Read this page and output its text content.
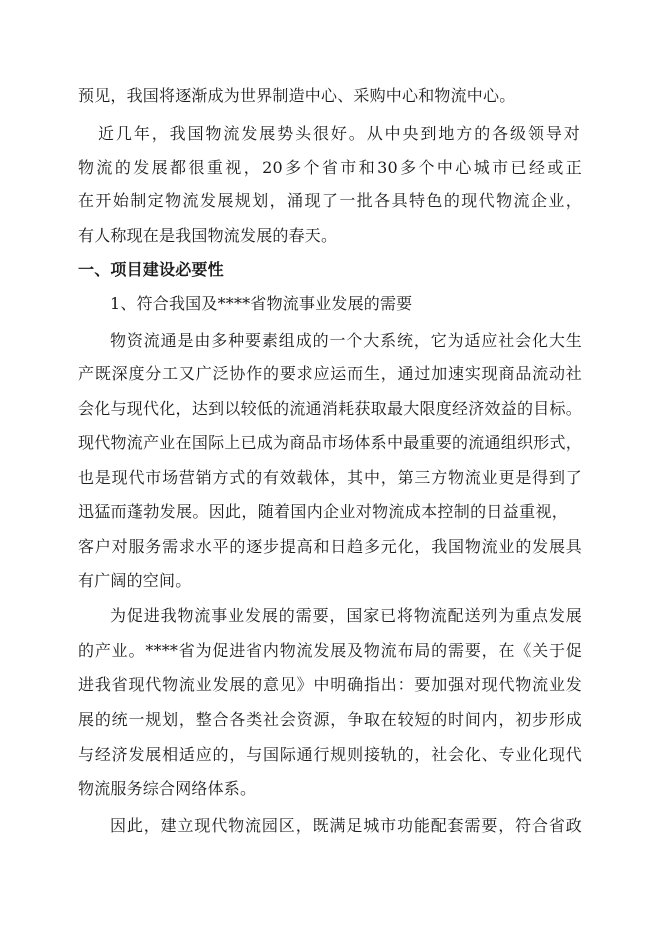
预见，我国将逐渐成为世界制造中心、采购中心和物流中心。
近几年，我国物流发展势头很好。从中央到地方的各级领导对
物流的发展都很重视，20多个省市和30多个中心城市已经或正
在开始制定物流发展规划，涌现了一批各具特色的现代物流企业，
有人称现在是我国物流发展的春天。
一、项目建设必要性
1、符合我国及****省物流事业发展的需要
物资流通是由多种要素组成的一个大系统，它为适应社会化大生
产既深度分工又广泛协作的要求应运而生，通过加速实现商品流动社
会化与现代化，达到以较低的流通消耗获取最大限度经济效益的目标。
现代物流产业在国际上已成为商品市场体系中最重要的流通组织形式，
也是现代市场营销方式的有效载体，其中，第三方物流业更是得到了
迅猛而蓬勃发展。因此，随着国内企业对物流成本控制的日益重视，
客户对服务需求水平的逐步提高和日趋多元化，我国物流业的发展具
有广阔的空间。
为促进我物流事业发展的需要，国家已将物流配送列为重点发展
的产业。****省为促进省内物流发展及物流布局的需要，在《关于促
进我省现代物流业发展的意见》中明确指出：要加强对现代物流业发
展的统一规划，整合各类社会资源，争取在较短的时间内，初步形成
与经济发展相适应的，与国际通行规则接轨的，社会化、专业化现代
物流服务综合网络体系。
因此，建立现代物流园区，既满足城市功能配套需要，符合省政
